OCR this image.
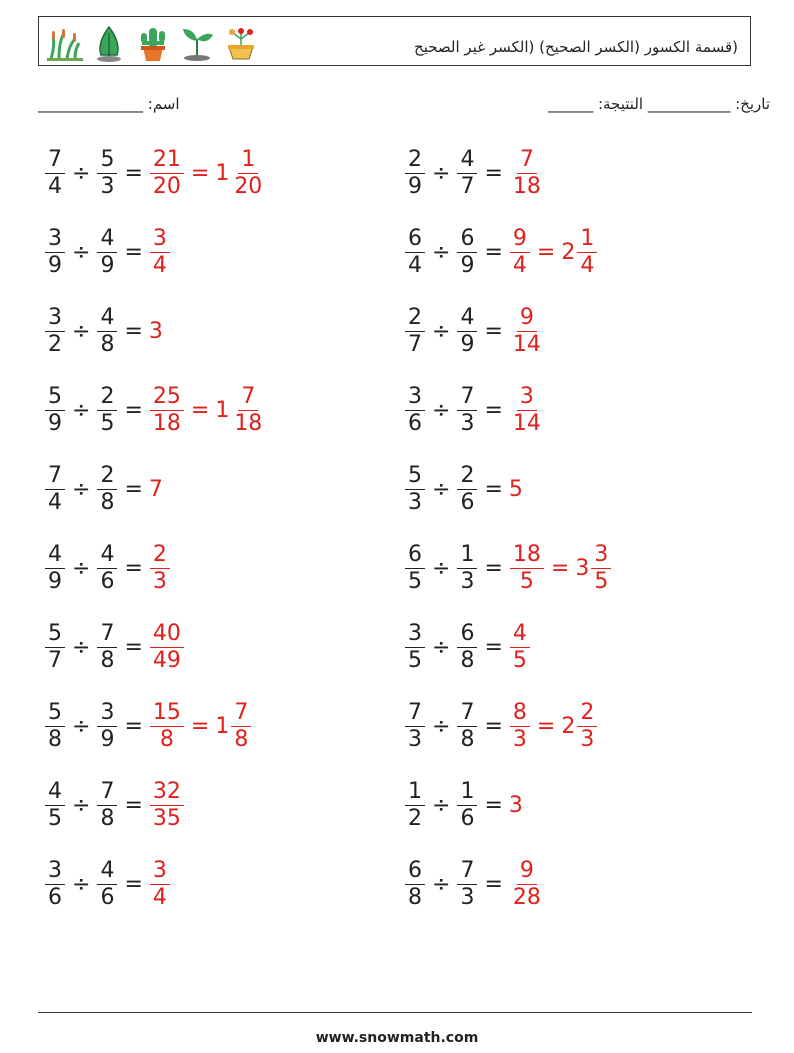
(قسمة الكسور (الكسر الصحيح) (الكسر غير الصحيح
اسم: ______________	______ :تاريخ: ___________ النتيجة
$\frac{7}{4} \div \frac{5}{3} = \frac{21}{20} = 1 \frac{1}{20}$
$\frac{3}{9} \div \frac{4}{9} = \frac{3}{4}$
$\frac{3}{2} \div \frac{4}{8} = 3$
$\frac{5}{9} \div \frac{2}{5} = \frac{25}{18} = 1 \frac{7}{18}$
$\frac{7}{4} \div \frac{2}{8} = 7$
$\frac{4}{9} \div \frac{4}{6} = \frac{2}{3}$
$\frac{5}{7} \div \frac{7}{8} = \frac{40}{49}$
$\frac{5}{8} \div \frac{3}{9} = \frac{15}{8} = 1 \frac{7}{8}$
$\frac{4}{5} \div \frac{7}{8} = \frac{32}{35}$
$\frac{3}{6} \div \frac{4}{6} = \frac{3}{4}$
$\frac{2}{9} \div \frac{4}{7} = \frac{7}{18}$
$\frac{6}{4} \div \frac{6}{9} = \frac{9}{4} = 2 \frac{1}{4}$
$\frac{2}{7} \div \frac{4}{9} = \frac{9}{14}$
$\frac{3}{6} \div \frac{7}{3} = \frac{3}{14}$
$\frac{5}{3} \div \frac{2}{6} = 5$
$\frac{6}{5} \div \frac{1}{3} = \frac{18}{5} = 3 \frac{3}{5}$
$\frac{3}{5} \div \frac{6}{8} = \frac{4}{5}$
$\frac{7}{3} \div \frac{7}{8} = \frac{8}{3} = 2 \frac{2}{3}$
$\frac{1}{2} \div \frac{1}{6} = 3$
$\frac{6}{8} \div \frac{7}{3} = \frac{9}{28}$
www.snowmath.com
